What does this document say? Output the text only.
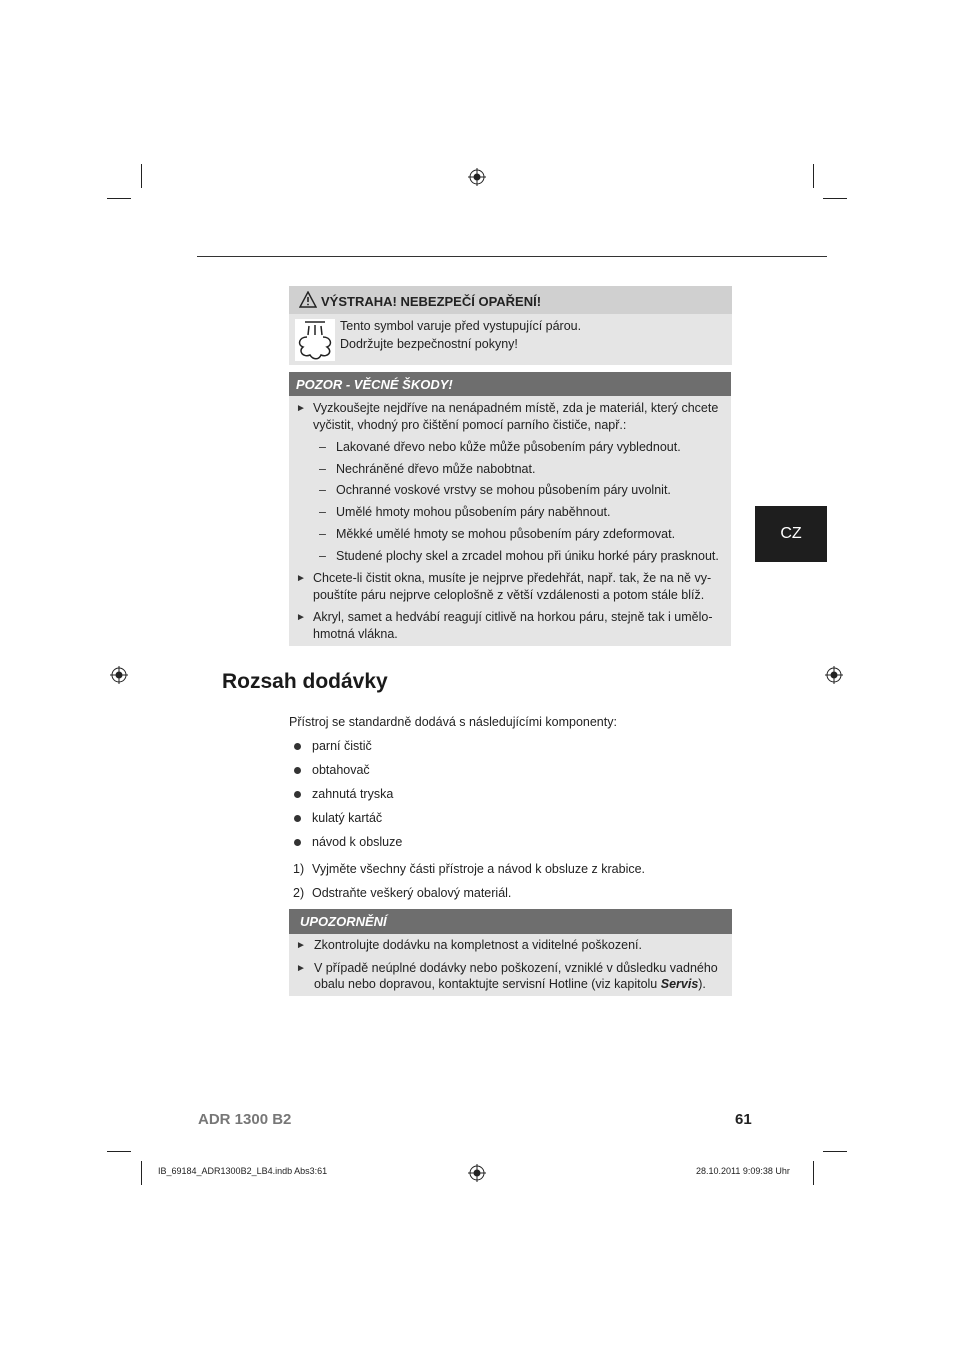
VÝSTRAHA! NEBEZPEČÍ OPAŘENÍ!
Tento symbol varuje před vystupující párou.
Dodržujte bezpečnostní pokyny!
POZOR - VĚCNÉ ŠKODY!
► Vyzkoušejte nejdříve na nenápadném místě, zda je materiál, který chcete
vyčistit, vhodný pro čištění pomocí parního čističe, např.:
– Lakované dřevo nebo kůže může působením páry vyblednout.
– Nechráněné dřevo může nabobtnat.
– Ochranné voskové vrstvy se mohou působením páry uvolnit.
– Umělé hmoty mohou působením páry naběhnout.
– Měkké umělé hmoty se mohou působením páry zdeformovat.
– Studené plochy skel a zrcadel mohou při úniku horké páry prasknout.
► Chcete-li čistit okna, musíte je nejprve předehřát, např. tak, že na ně vy-
pouštíte páru nejprve celoplošně z větší vzdálenosti a potom stále blíž.
► Akryl, samet a hedvábí reagují citlivě na horkou páru, stejně tak i umělo-
hmotná vlákna.
CZ
Rozsah dodávky
Přístroj se standardně dodává s následujícími komponenty:
parní čistič
obtahovač
zahnutá tryska
kulatý kartáč
návod k obsluze
1) Vyjměte všechny části přístroje a návod k obsluze z krabice.
2) Odstraňte veškerý obalový materiál.
UPOZORNĚNÍ
► Zkontrolujte dodávku na kompletnost a viditelné poškození.
► V případě neúplné dodávky nebo poškození, vzniklé v důsledku vadného
obalu nebo dopravou, kontaktujte servisní Hotline (viz kapitolu Servis).
ADR 1300 B2	61
IB_69184_ADR1300B2_LB4.indb Abs3:61	28.10.2011 9:09:38 Uhr
